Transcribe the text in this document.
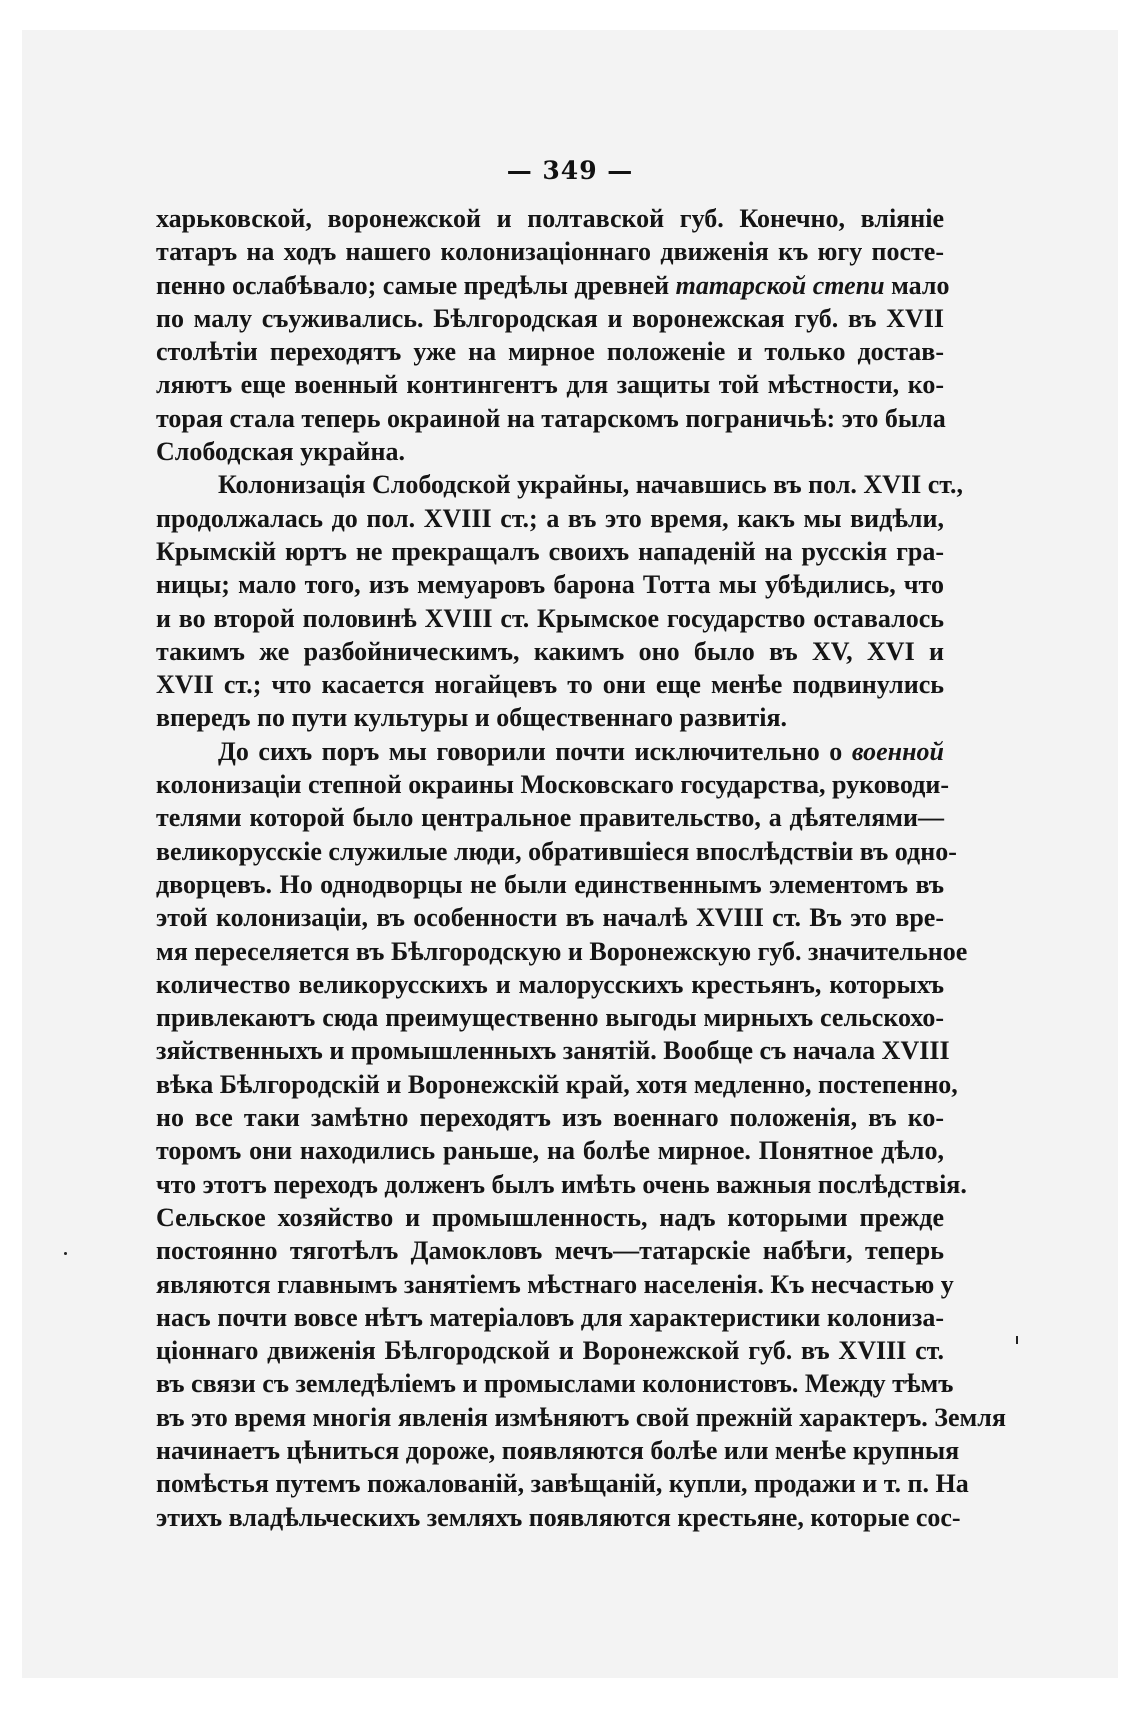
— 349 —
харьковской, воронежской и полтавской губ. Конечно, вліяніе
татаръ на ходъ нашего колонизаціоннаго движенія къ югу посте-
пенно ослабѣвало; самые предѣлы древней татарской степи мало
по малу съуживались. Бѣлгородская и воронежская губ. въ XVII
столѣтіи переходятъ уже на мирное положеніе и только достав-
ляютъ еще военный контингентъ для защиты той мѣстности, ко-
торая стала теперь окраиной на татарскомъ пограничьѣ: это была
Слободская украйна.
Колонизація Слободской украйны, начавшись въ пол. XVII ст.,
продолжалась до пол. XVIII ст.; а въ это время, какъ мы видѣли,
Крымскій юртъ не прекращалъ своихъ нападеній на русскія гра-
ницы; мало того, изъ мемуаровъ барона Тотта мы убѣдились, что
и во второй половинѣ XVIII ст. Крымское государство оставалось
такимъ же разбойническимъ, какимъ оно было въ XV, XVI и
XVII ст.; что касается ногайцевъ то они еще менѣе подвинулись
впередъ по пути культуры и общественнаго развитія.
До сихъ поръ мы говорили почти исключительно о военной
колонизаціи степной окраины Московскаго государства, руководи-
телями которой было центральное правительство, а дѣятелями—
великорусскіе служилые люди, обратившіеся впослѣдствіи въ одно-
дворцевъ. Но однодворцы не были единственнымъ элементомъ въ
этой колонизаціи, въ особенности въ началѣ XVIII ст. Въ это вре-
мя переселяется въ Бѣлгородскую и Воронежскую губ. значительное
количество великорусскихъ и малорусскихъ крестьянъ, которыхъ
привлекаютъ сюда преимущественно выгоды мирныхъ сельскохо-
зяйственныхъ и промышленныхъ занятій. Вообще съ начала XVIII
вѣка Бѣлгородскій и Воронежскій край, хотя медленно, постепенно,
но все таки замѣтно переходятъ изъ военнаго положенія, въ ко-
торомъ они находились раньше, на болѣе мирное. Понятное дѣло,
что этотъ переходъ долженъ былъ имѣть очень важныя послѣдствія.
Сельское хозяйство и промышленность, надъ которыми прежде
постоянно тяготѣлъ Дамокловъ мечъ—татарскіе набѣги, теперь
являются главнымъ занятіемъ мѣстнаго населенія. Къ несчастью у
насъ почти вовсе нѣтъ матеріаловъ для характеристики колониза-
ціоннаго движенія Бѣлгородской и Воронежской губ. въ XVIII ст.
въ связи съ земледѣліемъ и промыслами колонистовъ. Между тѣмъ
въ это время многія явленія измѣняютъ свой прежній характеръ. Земля
начинаетъ цѣниться дороже, появляются болѣе или менѣе крупныя
помѣстья путемъ пожалованій, завѣщаній, купли, продажи и т. п. На
этихъ владѣльческихъ земляхъ появляются крестьяне, которые сос-
